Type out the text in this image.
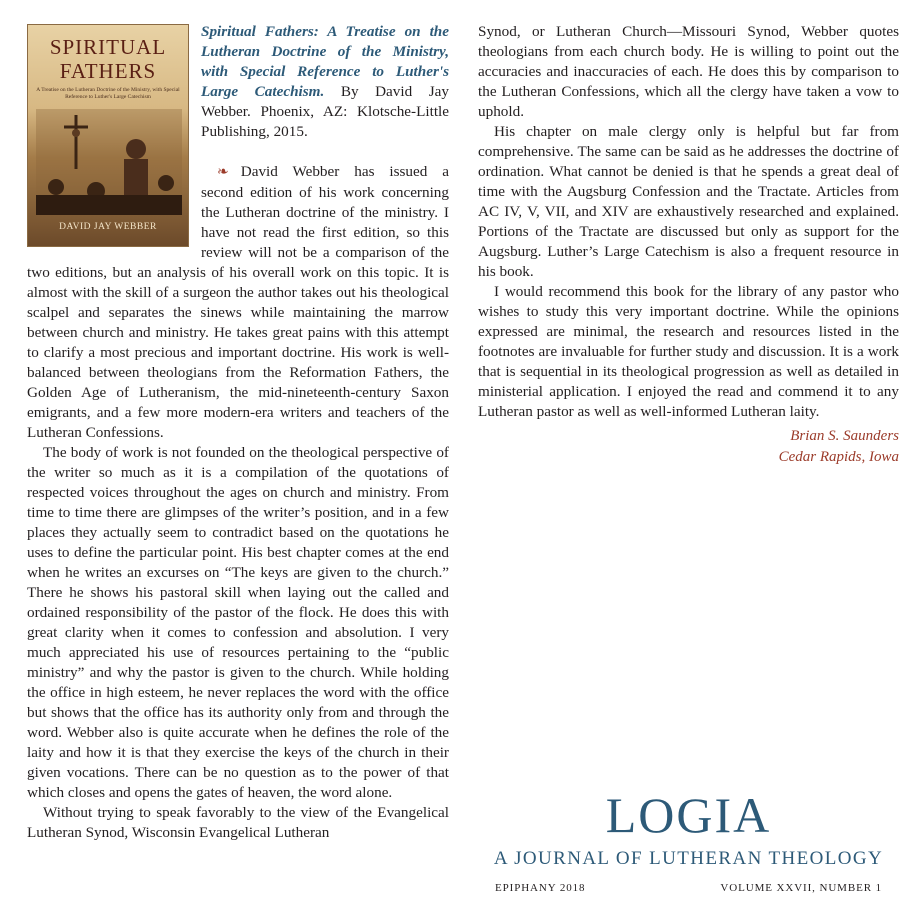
SPIRITUAL
FATHERS
A Treatise on the Lutheran Doctrine of the Ministry, with Special Reference to Luther's Large Catechism
DAVID JAY WEBBER

Spiritual Fathers: A Treatise on the Lutheran Doctrine of the Ministry, with Special Reference to Luther's Large Catechism. By David Jay Webber. Phoenix, AZ: Klotsche-Little Publishing, 2015.

❧ David Webber has issued a second edition of his work concerning the Lutheran doctrine of the ministry. I have not read the first edition, so this review will not be a comparison of the two editions, but an analysis of his overall work on this topic. It is almost with the skill of a surgeon the author takes out his theological scalpel and separates the sinews while maintaining the marrow between church and ministry. He takes great pains with this attempt to clarify a most precious and important doctrine. His work is well-balanced between theologians from the Reformation Fathers, the Golden Age of Lutheranism, the mid-nineteenth-century Saxon emigrants, and a few more modern-era writers and teachers of the Lutheran Confessions.

The body of work is not founded on the theological perspective of the writer so much as it is a compilation of the quotations of respected voices throughout the ages on church and ministry. From time to time there are glimpses of the writer’s position, and in a few places they actually seem to contradict based on the quotations he uses to define the particular point. His best chapter comes at the end when he writes an excurses on “The keys are given to the church.” There he shows his pastoral skill when laying out the called and ordained responsibility of the pastor of the flock. He does this with great clarity when it comes to confession and absolution. I very much appreciated his use of resources pertaining to the “public ministry” and why the pastor is given to the church. While holding the office in high esteem, he never replaces the word with the office but shows that the office has its authority only from and through the word. Webber also is quite accurate when he defines the role of the laity and how it is that they exercise the keys of the church in their given vocations. There can be no question as to the power of that which closes and opens the gates of heaven, the word alone.

Without trying to speak favorably to the view of the Evangelical Lutheran Synod, Wisconsin Evangelical Lutheran

Synod, or Lutheran Church—Missouri Synod, Webber quotes theologians from each church body. He is willing to point out the accuracies and inaccuracies of each. He does this by comparison to the Lutheran Confessions, which all the clergy have taken a vow to uphold.

His chapter on male clergy only is helpful but far from comprehensive. The same can be said as he addresses the doctrine of ordination. What cannot be denied is that he spends a great deal of time with the Augsburg Confession and the Tractate. Articles from AC IV, V, VII, and XIV are exhaustively researched and explained. Portions of the Tractate are discussed but only as support for the Augsburg. Luther’s Large Catechism is also a frequent resource in his book.

I would recommend this book for the library of any pastor who wishes to study this very important doctrine. While the opinions expressed are minimal, the research and resources listed in the footnotes are invaluable for further study and discussion. It is a work that is sequential in its theological progression as well as detailed in ministerial application. I enjoyed the read and commend it to any Lutheran pastor as well as well-informed Lutheran laity.

Brian S. Saunders
Cedar Rapids, Iowa
LOGIA
A JOURNAL OF LUTHERAN THEOLOGY
EPIPHANY 2018	VOLUME XXVII, NUMBER 1
